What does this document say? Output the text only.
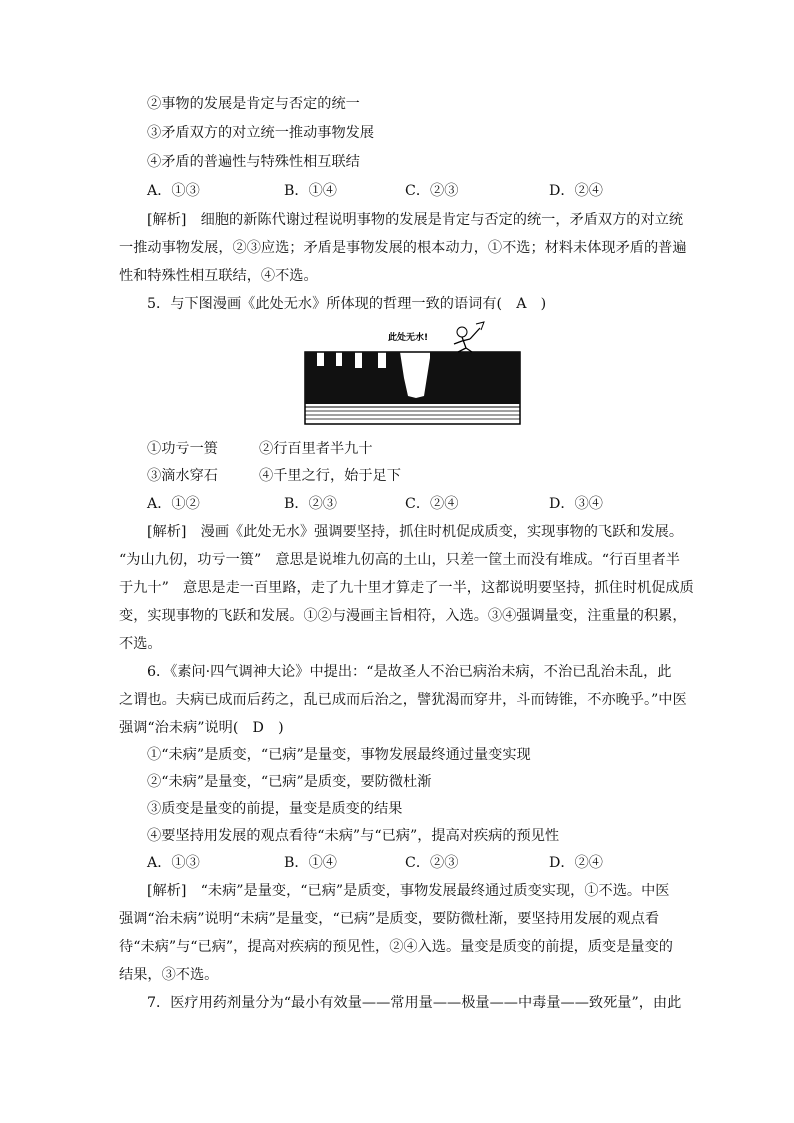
②事物的发展是肯定与否定的统一
③矛盾双方的对立统一推动事物发展
④矛盾的普遍性与特殊性相互联结
A．①③	B．①④	C．②③	D．②④
[解析]　细胞的新陈代谢过程说明事物的发展是肯定与否定的统一，矛盾双方的对立统
一推动事物发展，②③应选；矛盾是事物发展的根本动力，①不选；材料未体现矛盾的普遍
性和特殊性相互联结，④不选。
5．与下图漫画《此处无水》所体现的哲理一致的语词有(　A　)
此处无水!
①功亏一篑	②行百里者半九十
③滴水穿石	④千里之行，始于足下
A．①②	B．②③	C．②④	D．③④
[解析]　漫画《此处无水》强调要坚持，抓住时机促成质变，实现事物的飞跃和发展。
“为山九仞，功亏一篑”　意思是说堆九仞高的土山，只差一筐土而没有堆成。“行百里者半
于九十”　意思是走一百里路，走了九十里才算走了一半，这都说明要坚持，抓住时机促成质
变，实现事物的飞跃和发展。①②与漫画主旨相符，入选。③④强调量变，注重量的积累，
不选。
6．《素问·四气调神大论》中提出：“是故圣人不治已病治未病，不治已乱治未乱，此
之谓也。夫病已成而后药之，乱已成而后治之，譬犹渴而穿井，斗而铸锥，不亦晚乎。”中医
强调“治未病”说明(　D　)
①“未病”是质变，“已病”是量变，事物发展最终通过量变实现
②“未病”是量变，“已病”是质变，要防微杜渐
③质变是量变的前提，量变是质变的结果
④要坚持用发展的观点看待“未病”与“已病”，提高对疾病的预见性
A．①③	B．①④	C．②③	D．②④
[解析]　“未病”是量变，“已病”是质变，事物发展最终通过质变实现，①不选。中医
强调“治未病”说明“未病”是量变，“已病”是质变，要防微杜渐，要坚持用发展的观点看
待“未病”与“已病”，提高对疾病的预见性，②④入选。量变是质变的前提，质变是量变的
结果，③不选。
7．医疗用药剂量分为“最小有效量——常用量——极量——中毒量——致死量”，由此
